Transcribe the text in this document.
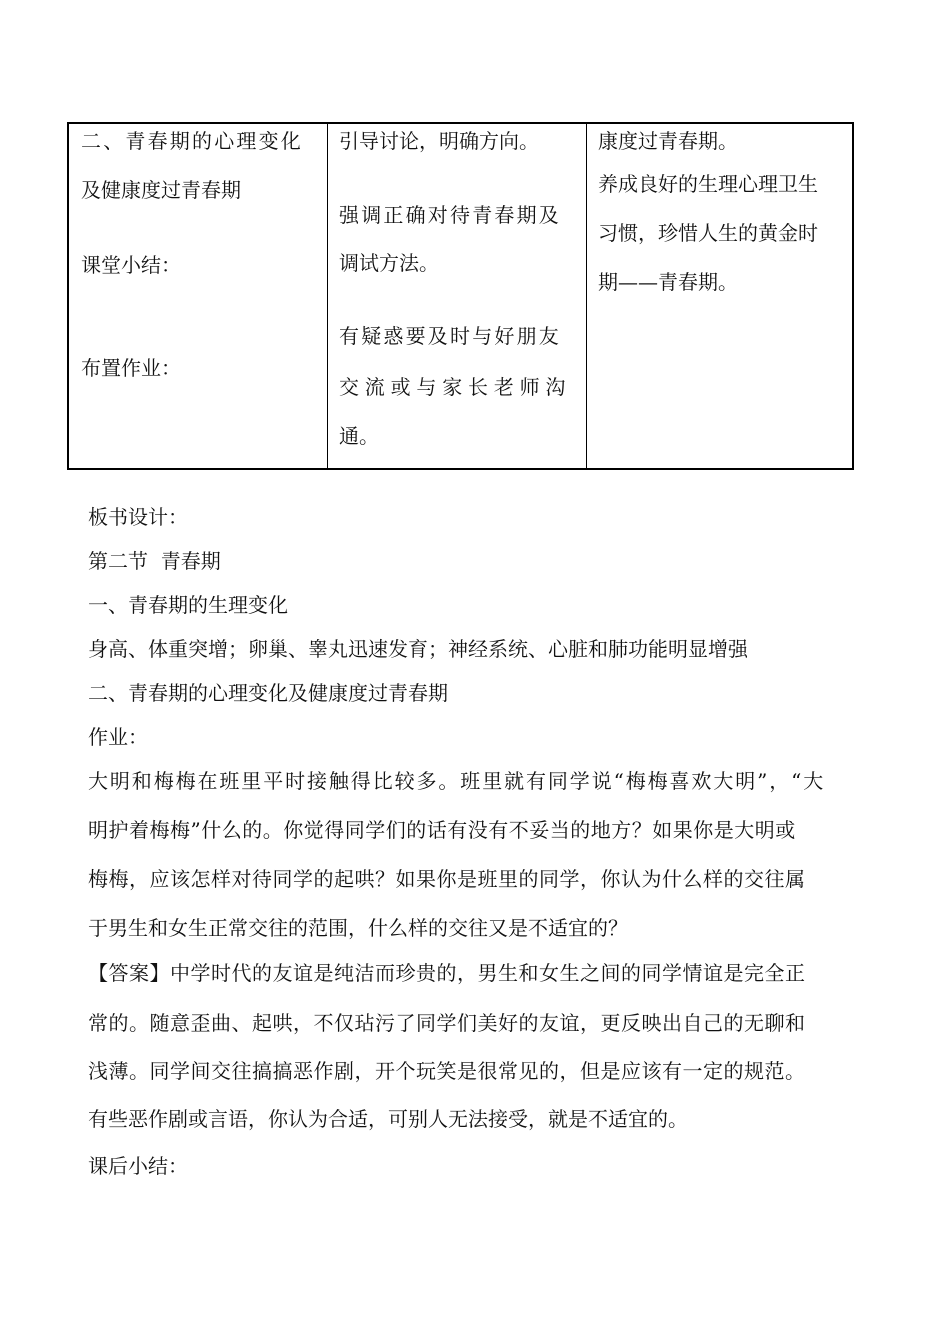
二、青春期的心理变化
及健康度过青春期
课堂小结：
布置作业：
引导讨论，明确方向。
强调正确对待青春期及
调试方法。
有疑惑要及时与好朋友
交流或与家长老师沟
通。
康度过青春期。
养成良好的生理心理卫生
习惯，珍惜人生的黄金时
期——青春期。
板书设计：
第二节  青春期
一、青春期的生理变化
身高、体重突增；卵巢、睾丸迅速发育；神经系统、心脏和肺功能明显增强
二、青春期的心理变化及健康度过青春期
作业：
大明和梅梅在班里平时接触得比较多。班里就有同学说“梅梅喜欢大明”，“大
明护着梅梅”什么的。你觉得同学们的话有没有不妥当的地方？如果你是大明或
梅梅，应该怎样对待同学的起哄？如果你是班里的同学，你认为什么样的交往属
于男生和女生正常交往的范围，什么样的交往又是不适宜的？
【答案】中学时代的友谊是纯洁而珍贵的，男生和女生之间的同学情谊是完全正
常的。随意歪曲、起哄，不仅玷污了同学们美好的友谊，更反映出自己的无聊和
浅薄。同学间交往搞搞恶作剧，开个玩笑是很常见的，但是应该有一定的规范。
有些恶作剧或言语，你认为合适，可别人无法接受，就是不适宜的。
课后小结：
